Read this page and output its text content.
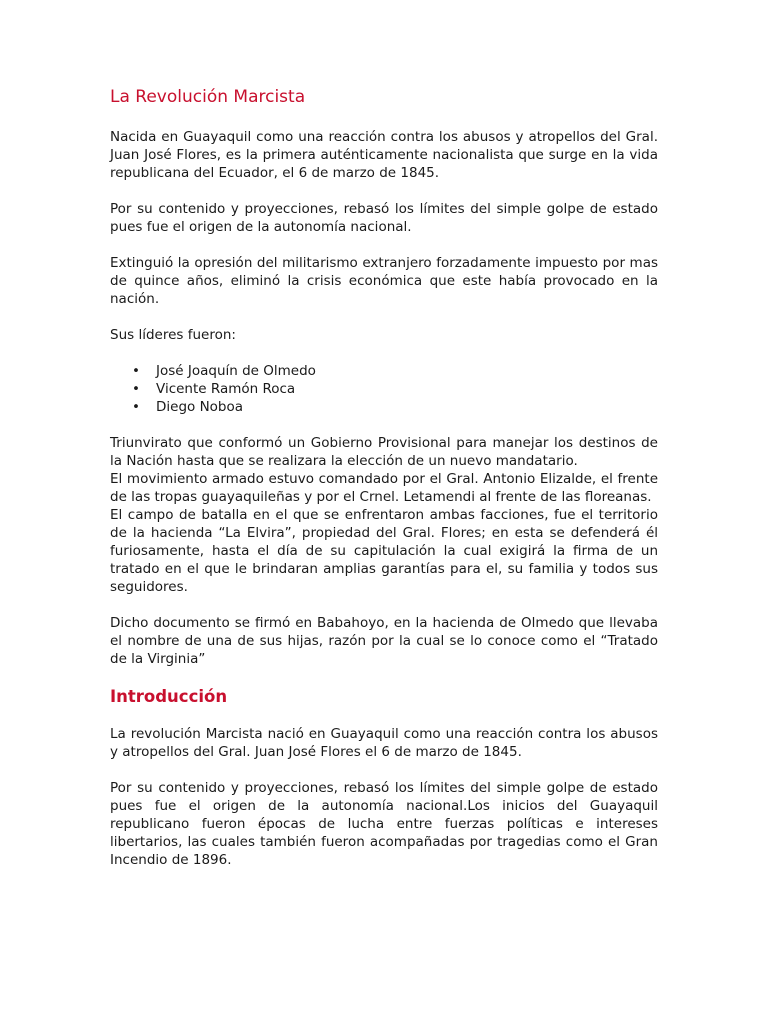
La Revolución Marcista

Nacida en Guayaquil como una reacción contra los abusos y atropellos del Gral. Juan José Flores, es la primera auténticamente nacionalista que surge en la vida republicana del Ecuador, el 6 de marzo de 1845.

Por su contenido y proyecciones, rebasó los límites del simple golpe de estado pues fue el origen de la autonomía nacional.

Extinguió la opresión del militarismo extranjero forzadamente impuesto por mas de quince años, eliminó la crisis económica que este había provocado en la nación.

Sus líderes fueron:

• José Joaquín de Olmedo
• Vicente Ramón Roca
• Diego Noboa

Triunvirato que conformó un Gobierno Provisional para manejar los destinos de la Nación hasta que se realizara la elección de un nuevo mandatario.

El movimiento armado estuvo comandado por el Gral. Antonio Elizalde, el frente de las tropas guayaquileñas y por el Crnel. Letamendi al frente de las floreanas.

El campo de batalla en el que se enfrentaron ambas facciones, fue el territorio de la hacienda “La Elvira”, propiedad del Gral. Flores; en esta se defenderá él furiosamente, hasta el día de su capitulación la cual exigirá la firma de un tratado en el que le brindaran amplias garantías para el, su familia y todos sus seguidores.

Dicho documento se firmó en Babahoyo, en la hacienda de Olmedo que llevaba el nombre de una de sus hijas, razón por la cual se lo conoce como el “Tratado de la Virginia”

Introducción

La revolución Marcista nació en Guayaquil como una reacción contra los abusos y atropellos del Gral. Juan José Flores el 6 de marzo de 1845.

Por su contenido y proyecciones, rebasó los límites del simple golpe de estado pues fue el origen de la autonomía nacional.Los inicios del Guayaquil republicano fueron épocas de lucha entre fuerzas políticas e intereses libertarios, las cuales también fueron acompañadas por tragedias como el Gran Incendio de 1896.
